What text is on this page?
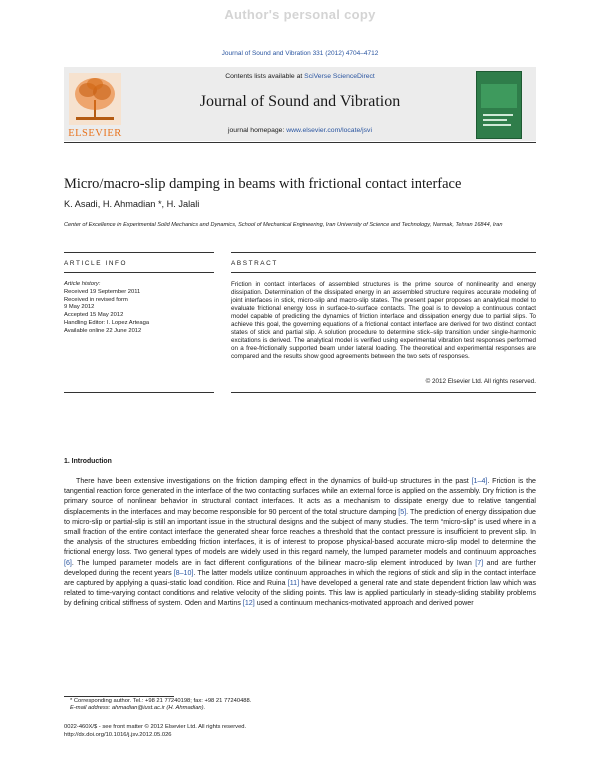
Author's personal copy
Journal of Sound and Vibration 331 (2012) 4704–4712
ELSEVIER
Contents lists available at SciVerse ScienceDirect
Journal of Sound and Vibration
journal homepage: www.elsevier.com/locate/jsvi
Micro/macro-slip damping in beams with frictional contact interface
K. Asadi, H. Ahmadian *, H. Jalali
Center of Excellence in Experimental Solid Mechanics and Dynamics, School of Mechanical Engineering, Iran University of Science and Technology, Narmak, Tehran 16844, Iran
ARTICLE INFO	ABSTRACT
Article history:
Received 19 September 2011
Received in revised form
9 May 2012
Accepted 15 May 2012
Handling Editor: I. Lopez Arteaga
Available online 22 June 2012
Friction in contact interfaces of assembled structures is the prime source of nonlinearity and energy dissipation. Determination of the dissipated energy in an assembled structure requires accurate modeling of joint interfaces in stick, micro-slip and macro-slip states. The present paper proposes an analytical model to evaluate frictional energy loss in surface-to-surface contacts. The goal is to develop a continuous contact model capable of predicting the dynamics of friction interface and dissipation energy due to partial slips. To achieve this goal, the governing equations of a frictional contact interface are derived for two distinct contact states of stick and partial slip. A solution procedure to determine stick–slip transition under single-harmonic excitations is derived. The analytical model is verified using experimental vibration test responses performed on a free-frictionally supported beam under lateral loading. The theoretical and experimental responses are compared and the results show good agreements between the two sets of responses.
© 2012 Elsevier Ltd. All rights reserved.
1. Introduction

There have been extensive investigations on the friction damping effect in the dynamics of build-up structures in the past [1–4]. Friction is the tangential reaction force generated in the interface of the two contacting surfaces while an external force is applied on the assembly. Dry friction is the primary source of nonlinear behavior in structural contact interfaces. It acts as a mechanism to dissipate energy due to relative tangential displacements in the interfaces and may become responsible for 90 percent of the total structure damping [5]. The prediction of energy dissipation due to micro-slip or partial-slip is still an important issue in the structural designs and the subject of many studies. The term “micro-slip” is used where in a small fraction of the entire contact interface the generated shear force reaches a threshold that the contact pressure is insufficient to prevent slip. In the analysis of the structures embedding friction interfaces, it is of interest to propose physical-based accurate micro-slip model to determine the frictional energy loss. Two general types of models are widely used in this regard namely, the lumped parameter models and continuum approaches [6]. The lumped parameter models are in fact different configurations of the bilinear macro-slip element introduced by Iwan [7] and are further developed during the recent years [8–10]. The latter models utilize continuum approaches in which the regions of stick and slip in the contact interface are captured by applying a quasi-static load condition. Rice and Ruina [11] have developed a general rate and state dependent friction law which was related to time-varying contact conditions and relative velocity of the sliding points. This law is applied particularly in steady-sliding stability problems by defining critical stiffness of system. Oden and Martins [12] used a continuum mechanics-motivated approach and derived power

* Corresponding author. Tel.: +98 21 77240198; fax: +98 21 77240488.
E-mail address: ahmadian@iust.ac.ir (H. Ahmadian).
0022-460X/$ - see front matter © 2012 Elsevier Ltd. All rights reserved.
http://dx.doi.org/10.1016/j.jsv.2012.05.026
